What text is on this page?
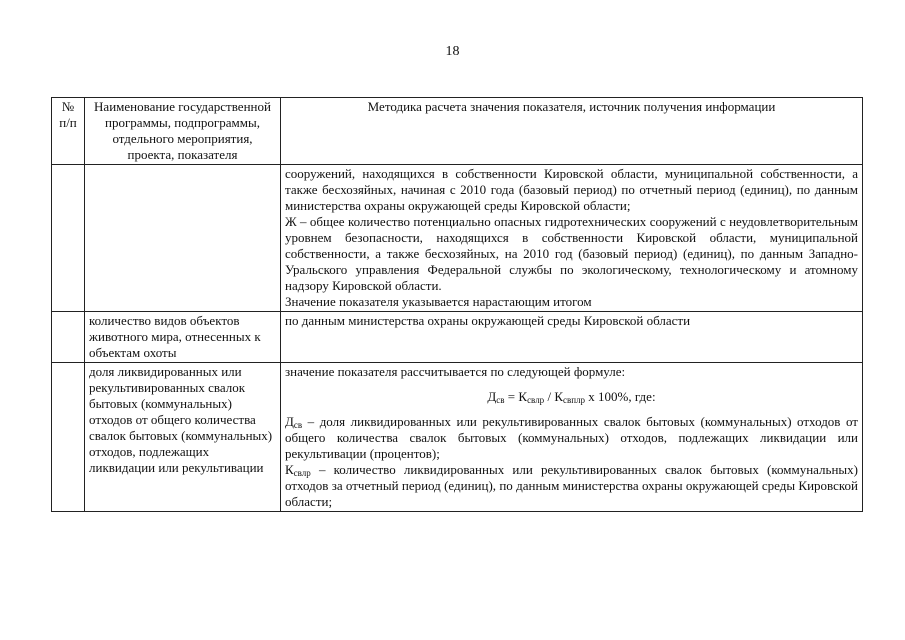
18
№ п/п	Наименование государственной программы, подпрограммы, отдельного мероприятия, проекта, показателя	Методика расчета значения показателя, источник получения информации

		сооружений, находящихся в собственности Кировской области, муниципальной собственности, а также бесхозяйных, начиная с 2010 года (базовый период) по отчетный период (единиц), по данным министерства охраны окружающей среды Кировской области;

Ж – общее количество потенциально опасных гидротехнических сооружений с неудовлетворительным уровнем безопасности, находящихся в собственности Кировской области, муниципальной собственности, а также бесхозяйных, на 2010 год (базовый период) (единиц), по данным Западно-Уральского управления Федеральной службы по экологическому, технологическому и атомному надзору Кировской области.

Значение показателя указывается нарастающим итогом

	количество видов объектов животного мира, отнесенных к объектам охоты	по данным министерства охраны окружающей среды Кировской области
	доля ликвидированных или рекультивированных свалок бытовых (коммунальных) отходов от общего количества свалок бытовых (коммунальных) отходов, подлежащих ликвидации или рекультивации	значение показателя рассчитывается по следующей формуле:

$Д_{св} = К_{свлр} / К_{свплр}$ х 100%, где:

$Д_{св}$ – доля ликвидированных или рекультивированных свалок бытовых (коммунальных) отходов от общего количества свалок бытовых (коммунальных) отходов, подлежащих ликвидации или рекультивации (процентов);

$К_{свлр}$ – количество ликвидированных или рекультивированных свалок бытовых (коммунальных) отходов за отчетный период (единиц), по данным министерства охраны окружающей среды Кировской области;
